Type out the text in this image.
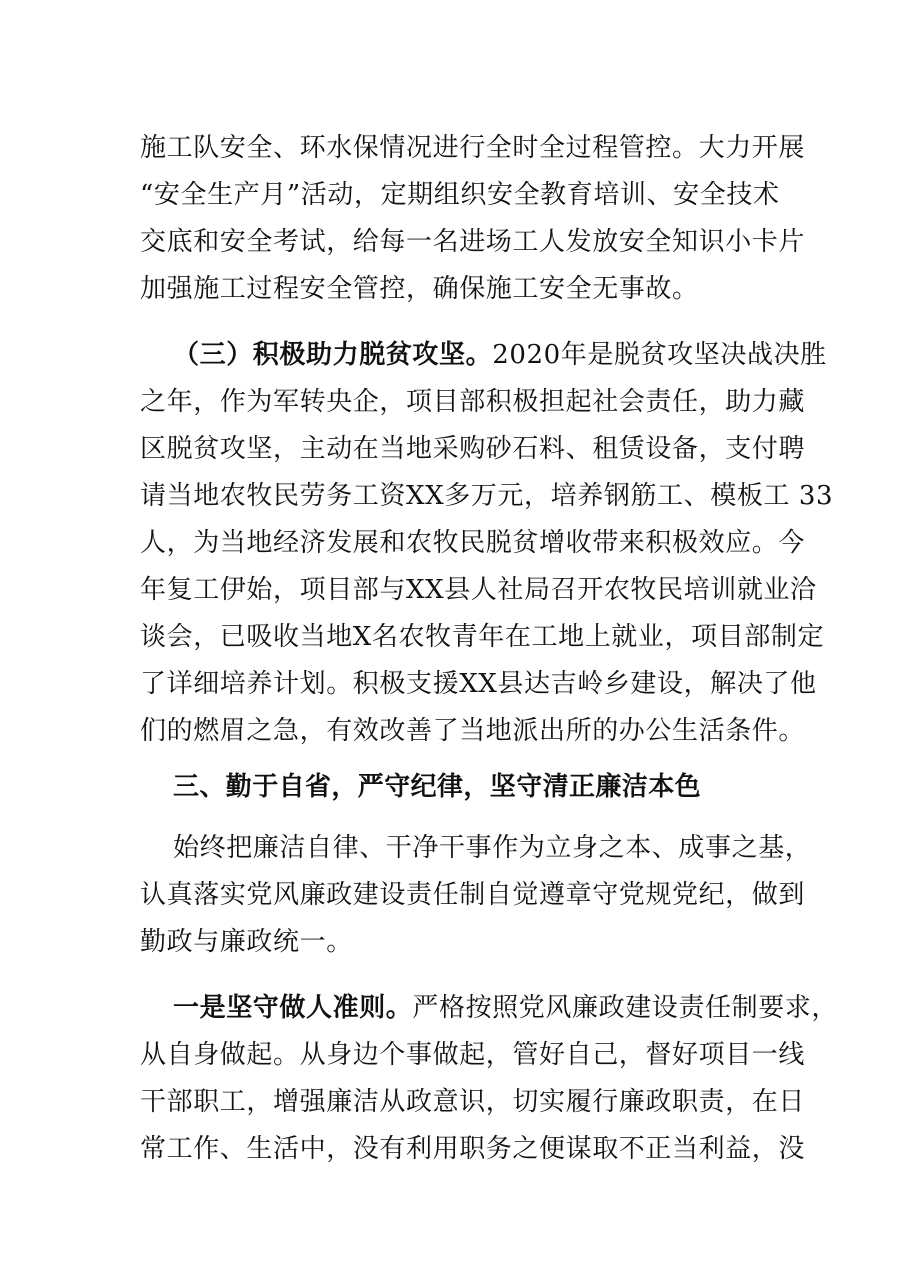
施工队安全、环水保情况进行全时全过程管控。大力开展
“安全生产月”活动，定期组织安全教育培训、安全技术
交底和安全考试，给每一名进场工人发放安全知识小卡片
加强施工过程安全管控，确保施工安全无事故。
（三）积极助力脱贫攻坚。2020年是脱贫攻坚决战决胜
之年，作为军转央企，项目部积极担起社会责任，助力藏
区脱贫攻坚，主动在当地采购砂石料、租赁设备，支付聘
请当地农牧民劳务工资XX多万元，培养钢筋工、模板工 33
人，为当地经济发展和农牧民脱贫增收带来积极效应。今
年复工伊始，项目部与XX县人社局召开农牧民培训就业洽
谈会，已吸收当地X名农牧青年在工地上就业，项目部制定
了详细培养计划。积极支援XX县达吉岭乡建设，解决了他
们的燃眉之急，有效改善了当地派出所的办公生活条件。
三、勤于自省，严守纪律，坚守清正廉洁本色
始终把廉洁自律、干净干事作为立身之本、成事之基，
认真落实党风廉政建设责任制自觉遵章守党规党纪，做到
勤政与廉政统一。
一是坚守做人准则。严格按照党风廉政建设责任制要求，
从自身做起。从身边个事做起，管好自己，督好项目一线
干部职工，增强廉洁从政意识，切实履行廉政职责，在日
常工作、生活中，没有利用职务之便谋取不正当利益，没
